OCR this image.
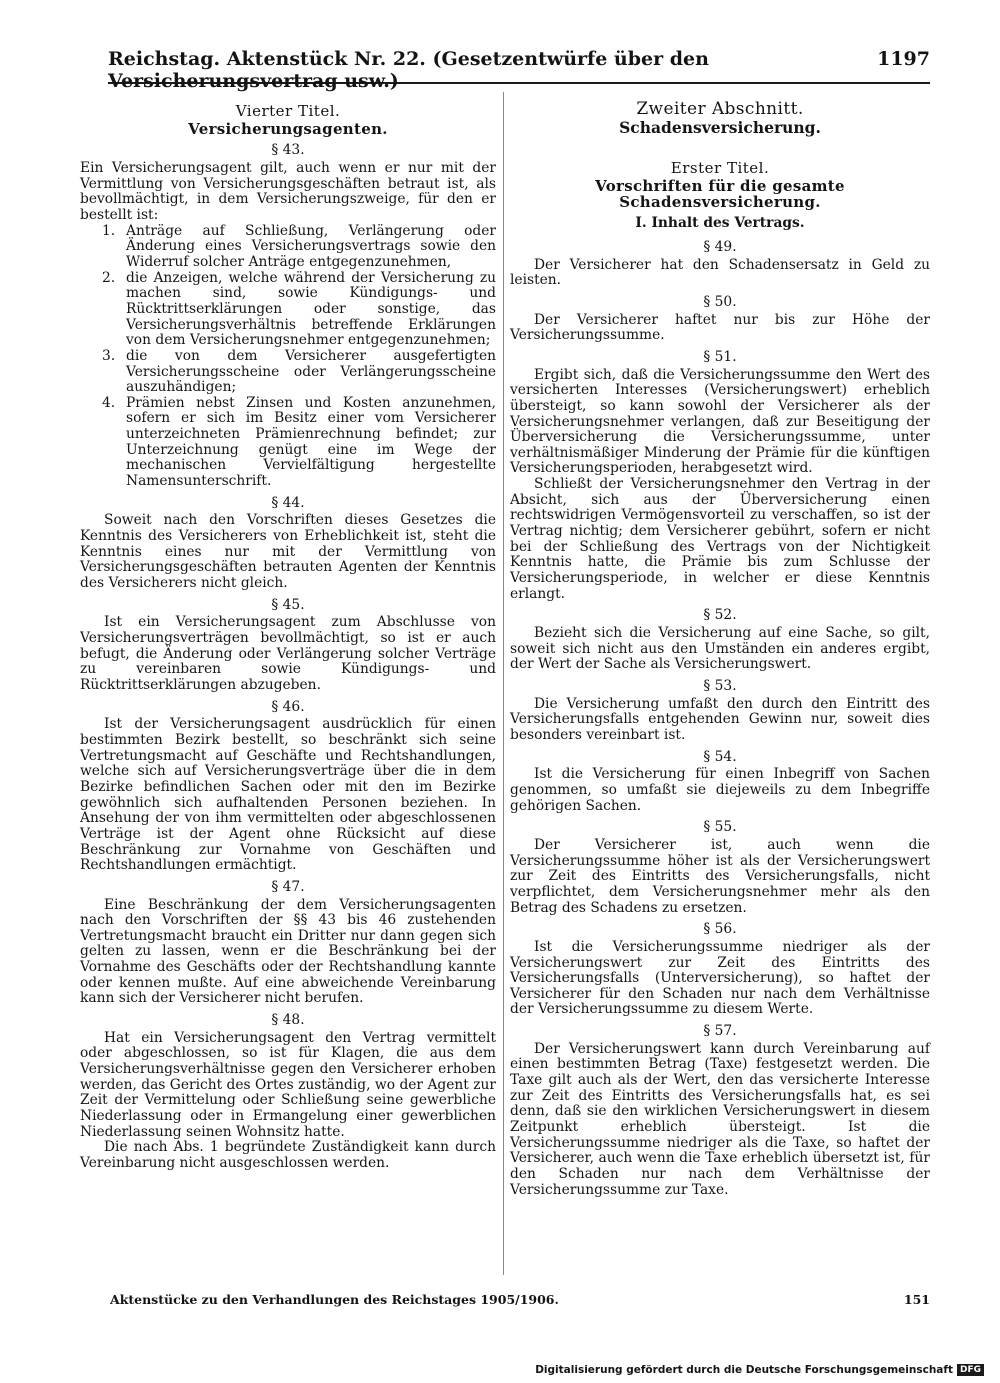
Reichstag. Aktenstück Nr. 22. (Gesetzentwürfe über den Versicherungsvertrag usw.)
1197
Vierter Titel.
Versicherungsagenten.
§ 43.

Ein Versicherungsagent gilt, auch wenn er nur mit der Vermittlung von Versicherungsgeschäften betraut ist, als bevollmächtigt, in dem Versicherungszweige, für den er bestellt ist:

1. Anträge auf Schließung, Verlängerung oder Änderung eines Versicherungsvertrags sowie den Widerruf solcher Anträge entgegenzunehmen,
2. die Anzeigen, welche während der Versicherung zu machen sind, sowie Kündigungs- und Rücktrittserklärungen oder sonstige, das Versicherungsverhältnis betreffende Erklärungen von dem Versicherungsnehmer entgegenzunehmen;
3. die von dem Versicherer ausgefertigten Versicherungsscheine oder Verlängerungsscheine auszuhändigen;
4. Prämien nebst Zinsen und Kosten anzunehmen, sofern er sich im Besitz einer vom Versicherer unterzeichneten Prämienrechnung befindet; zur Unterzeichnung genügt eine im Wege der mechanischen Vervielfältigung hergestellte Namensunterschrift.
§ 44.

Soweit nach den Vorschriften dieses Gesetzes die Kenntnis des Versicherers von Erheblichkeit ist, steht die Kenntnis eines nur mit der Vermittlung von Versicherungsgeschäften betrauten Agenten der Kenntnis des Versicherers nicht gleich.

§ 45.

Ist ein Versicherungsagent zum Abschlusse von Versicherungsverträgen bevollmächtigt, so ist er auch befugt, die Änderung oder Verlängerung solcher Verträge zu vereinbaren sowie Kündigungs- und Rücktrittserklärungen abzugeben.

§ 46.

Ist der Versicherungsagent ausdrücklich für einen bestimmten Bezirk bestellt, so beschränkt sich seine Vertretungsmacht auf Geschäfte und Rechtshandlungen, welche sich auf Versicherungsverträge über die in dem Bezirke befindlichen Sachen oder mit den im Bezirke gewöhnlich sich aufhaltenden Personen beziehen. In Ansehung der von ihm vermittelten oder abgeschlossenen Verträge ist der Agent ohne Rücksicht auf diese Beschränkung zur Vornahme von Geschäften und Rechtshandlungen ermächtigt.

§ 47.

Eine Beschränkung der dem Versicherungsagenten nach den Vorschriften der §§ 43 bis 46 zustehenden Vertretungsmacht braucht ein Dritter nur dann gegen sich gelten zu lassen, wenn er die Beschränkung bei der Vornahme des Geschäfts oder der Rechtshandlung kannte oder kennen mußte. Auf eine abweichende Vereinbarung kann sich der Versicherer nicht berufen.

§ 48.

Hat ein Versicherungsagent den Vertrag vermittelt oder abgeschlossen, so ist für Klagen, die aus dem Versicherungsverhältnisse gegen den Versicherer erhoben werden, das Gericht des Ortes zuständig, wo der Agent zur Zeit der Vermittelung oder Schließung seine gewerbliche Niederlassung oder in Ermangelung einer gewerblichen Niederlassung seinen Wohnsitz hatte.

Die nach Abs. 1 begründete Zuständigkeit kann durch Vereinbarung nicht ausgeschlossen werden.

Zweiter Abschnitt.
Schadensversicherung.
Erster Titel.
Vorschriften für die gesamte Schadensversicherung.
I. Inhalt des Vertrags.
§ 49.

Der Versicherer hat den Schadensersatz in Geld zu leisten.

§ 50.

Der Versicherer haftet nur bis zur Höhe der Versicherungssumme.

§ 51.

Ergibt sich, daß die Versicherungssumme den Wert des versicherten Interesses (Versicherungswert) erheblich übersteigt, so kann sowohl der Versicherer als der Versicherungsnehmer verlangen, daß zur Beseitigung der Überversicherung die Versicherungssumme, unter verhältnismäßiger Minderung der Prämie für die künftigen Versicherungsperioden, herabgesetzt wird.

Schließt der Versicherungsnehmer den Vertrag in der Absicht, sich aus der Überversicherung einen rechtswidrigen Vermögensvorteil zu verschaffen, so ist der Vertrag nichtig; dem Versicherer gebührt, sofern er nicht bei der Schließung des Vertrags von der Nichtigkeit Kenntnis hatte, die Prämie bis zum Schlusse der Versicherungsperiode, in welcher er diese Kenntnis erlangt.

§ 52.

Bezieht sich die Versicherung auf eine Sache, so gilt, soweit sich nicht aus den Umständen ein anderes ergibt, der Wert der Sache als Versicherungswert.

§ 53.

Die Versicherung umfaßt den durch den Eintritt des Versicherungsfalls entgehenden Gewinn nur, soweit dies besonders vereinbart ist.

§ 54.

Ist die Versicherung für einen Inbegriff von Sachen genommen, so umfaßt sie diejeweils zu dem Inbegriffe gehörigen Sachen.

§ 55.

Der Versicherer ist, auch wenn die Versicherungssumme höher ist als der Versicherungswert zur Zeit des Eintritts des Versicherungsfalls, nicht verpflichtet, dem Versicherungsnehmer mehr als den Betrag des Schadens zu ersetzen.

§ 56.

Ist die Versicherungssumme niedriger als der Versicherungswert zur Zeit des Eintritts des Versicherungsfalls (Unterversicherung), so haftet der Versicherer für den Schaden nur nach dem Verhältnisse der Versicherungssumme zu diesem Werte.

§ 57.

Der Versicherungswert kann durch Vereinbarung auf einen bestimmten Betrag (Taxe) festgesetzt werden. Die Taxe gilt auch als der Wert, den das versicherte Interesse zur Zeit des Eintritts des Versicherungsfalls hat, es sei denn, daß sie den wirklichen Versicherungswert in diesem Zeitpunkt erheblich übersteigt. Ist die Versicherungssumme niedriger als die Taxe, so haftet der Versicherer, auch wenn die Taxe erheblich übersetzt ist, für den Schaden nur nach dem Verhältnisse der Versicherungssumme zur Taxe.

Aktenstücke zu den Verhandlungen des Reichstages 1905/1906.	151
Digitalisierung gefördert durch die Deutsche Forschungsgemeinschaft DFG
